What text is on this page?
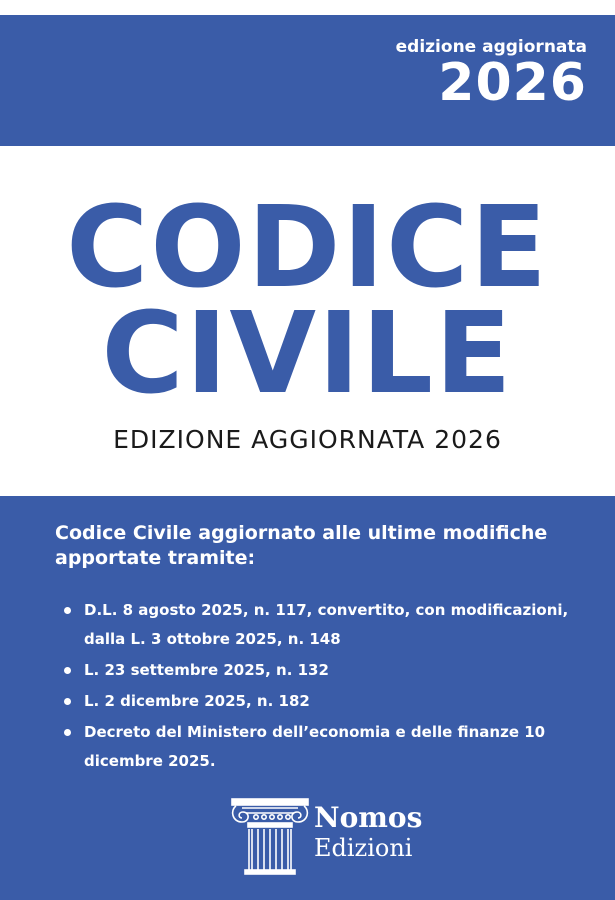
edizione aggiornata
2026
CODICE
CIVILE
EDIZIONE AGGIORNATA 2026
Codice Civile aggiornato alle ultime modifiche apportate tramite:
D.L. 8 agosto 2025, n. 117, convertito, con modificazioni, dalla L. 3 ottobre 2025, n. 148
L. 23 settembre 2025, n. 132
L. 2 dicembre 2025, n. 182
Decreto del Ministero dell’economia e delle finanze 10 dicembre 2025.
Nomos
Edizioni
